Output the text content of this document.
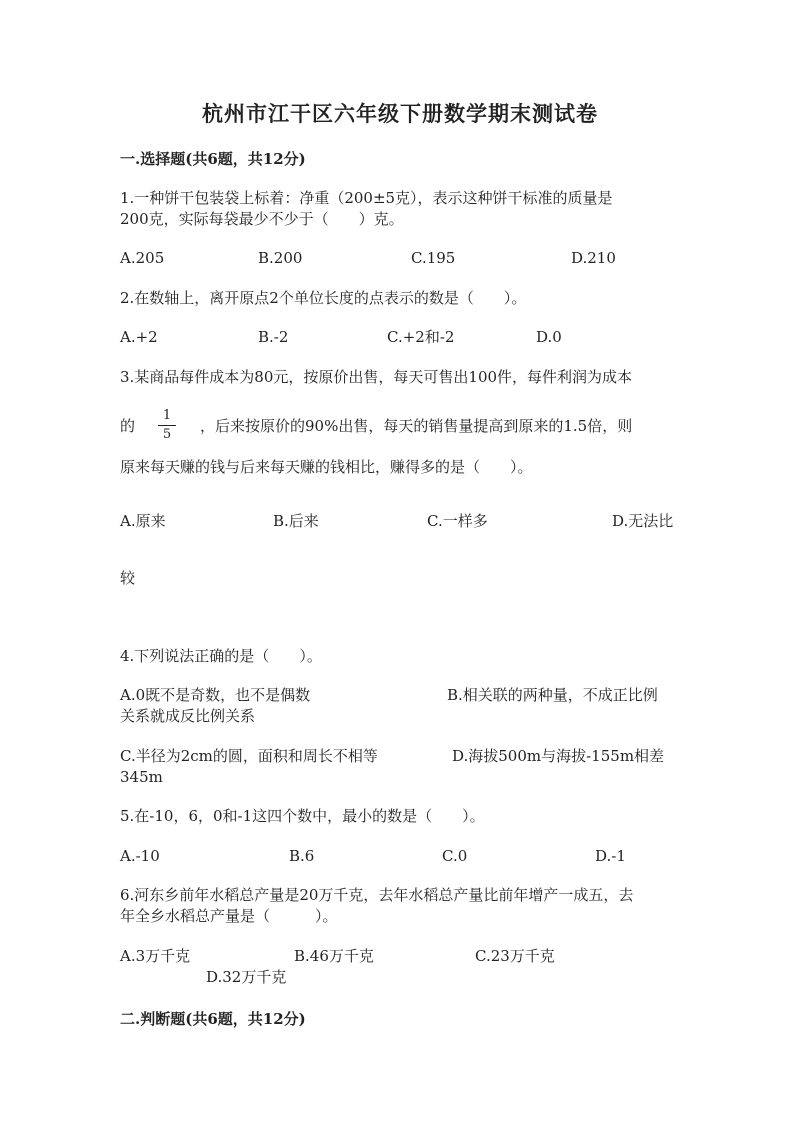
杭州市江干区六年级下册数学期末测试卷
一.选择题(共6题，共12分)
1.一种饼干包装袋上标着：净重（200±5克），表示这种饼干标准的质量是
200克，实际每袋最少不少于（　　）克。
A.205	B.200	C.195	D.210
2.在数轴上，离开原点2个单位长度的点表示的数是（　　）。
A.+2	B.-2	C.+2和-2	D.0
3.某商品每件成本为80元，按原价出售，每天可售出100件，每件利润为成本
的 $\frac{1}{5}$ ，后来按原价的90%出售，每天的销售量提高到原来的1.5倍，则
原来每天赚的钱与后来每天赚的钱相比，赚得多的是（　　）。
A.原来	B.后来	C.一样多	D.无法比
较
4.下列说法正确的是（　　）。
A.0既不是奇数，也不是偶数	B.相关联的两种量，不成正比例
关系就成反比例关系
C.半径为2cm的圆，面积和周长不相等	D.海拔500m与海拔-155m相差
345m
5.在-10，6，0和-1这四个数中，最小的数是（　　）。
A.-10	B.6	C.0	D.-1
6.河东乡前年水稻总产量是20万千克，去年水稻总产量比前年增产一成五，去
年全乡水稻总产量是（　　　）。
A.3万千克	B.46万千克	C.23万千克
D.32万千克
二.判断题(共6题，共12分)
